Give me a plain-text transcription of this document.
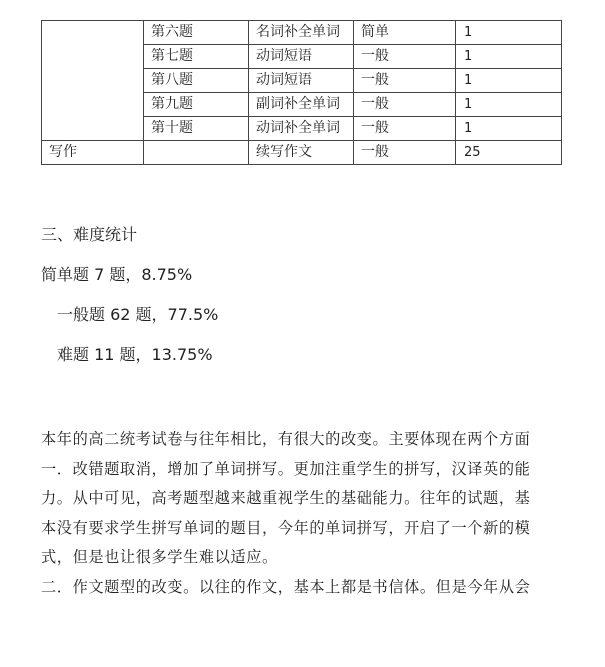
	第六题	名词补全单词	简单	1
	第七题	动词短语	一般	1
	第八题	动词短语	一般	1
	第九题	副词补全单词	一般	1
	第十题	动词补全单词	一般	1
写作		续写作文	一般	25
三、难度统计
简单题 7 题，8.75%
一般题 62 题，77.5%
难题 11 题，13.75%
本年的高二统考试卷与往年相比，有很大的改变。主要体现在两个方面
一．改错题取消，增加了单词拼写。更加注重学生的拼写，汉译英的能
力。从中可见，高考题型越来越重视学生的基础能力。往年的试题，基
本没有要求学生拼写单词的题目，今年的单词拼写，开启了一个新的模
式，但是也让很多学生难以适应。
二．作文题型的改变。以往的作文，基本上都是书信体。但是今年从会
